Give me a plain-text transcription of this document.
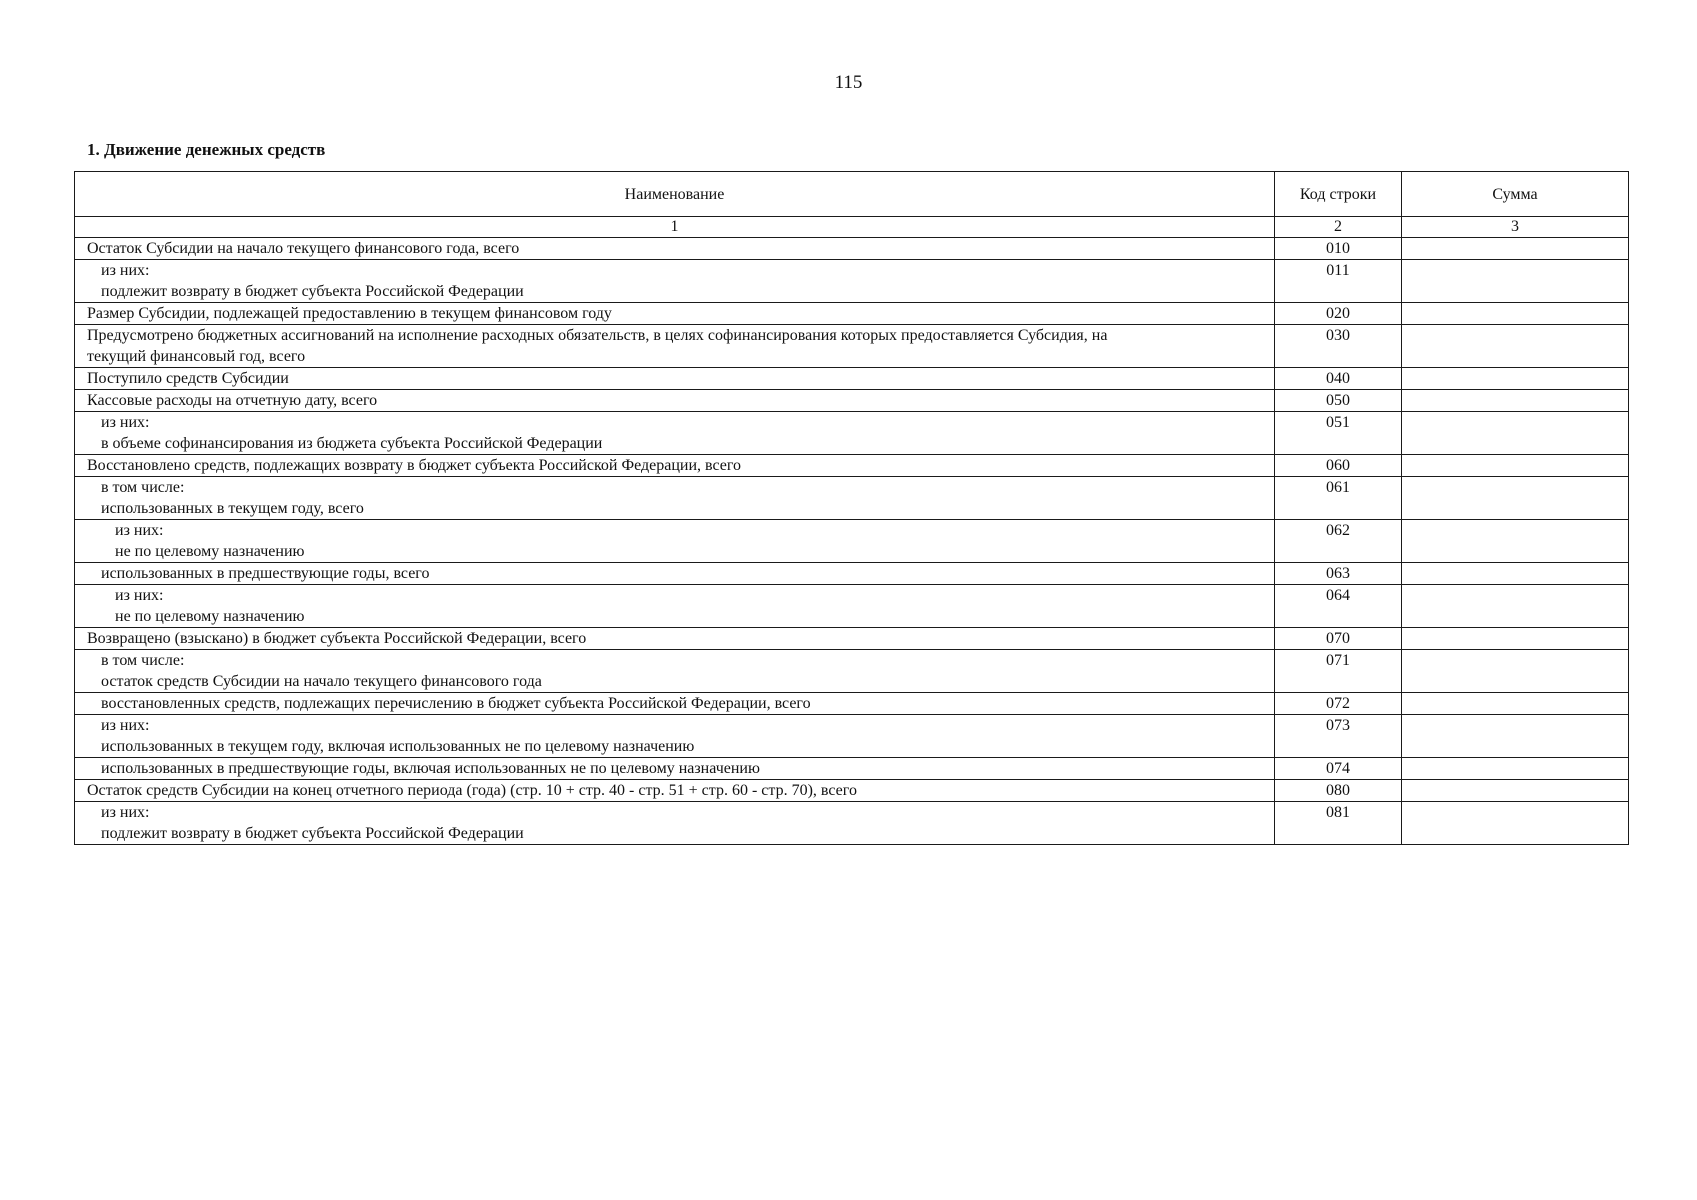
115
1. Движение денежных средств
Наименование	Код строки	Сумма
1	2	3

Остаток Субсидии на начало текущего финансового года, всего	010	

из них:
подлежит возврату в бюджет субъекта Российской Федерации	011	

Размер Субсидии, подлежащей предоставлению в текущем финансовом году	020	

Предусмотрено бюджетных ассигнований на исполнение расходных обязательств, в целях софинансирования которых предоставляется Субсидия, на
текущий финансовый год, всего	030	

Поступило средств Субсидии	040	

Кассовые расходы на отчетную дату, всего	050	

из них:
в объеме софинансирования из бюджета субъекта Российской Федерации	051	

Восстановлено средств, подлежащих возврату в бюджет субъекта Российской Федерации, всего	060	

в том числе:
использованных в текущем году, всего	061	

из них:
не по целевому назначению	062	

использованных в предшествующие годы, всего	063	

из них:
не по целевому назначению	064	

Возвращено (взыскано) в бюджет субъекта Российской Федерации, всего	070	

в том числе:
остаток средств Субсидии на начало текущего финансового года	071	

восстановленных средств, подлежащих перечислению в бюджет субъекта Российской Федерации, всего	072	

из них:
использованных в текущем году, включая использованных не по целевому назначению	073	

использованных в предшествующие годы, включая использованных не по целевому назначению	074	

Остаток средств Субсидии на конец отчетного периода (года) (стр. 10 + стр. 40 - стр. 51 + стр. 60 - стр. 70), всего	080	

из них:
подлежит возврату в бюджет субъекта Российской Федерации	081	
